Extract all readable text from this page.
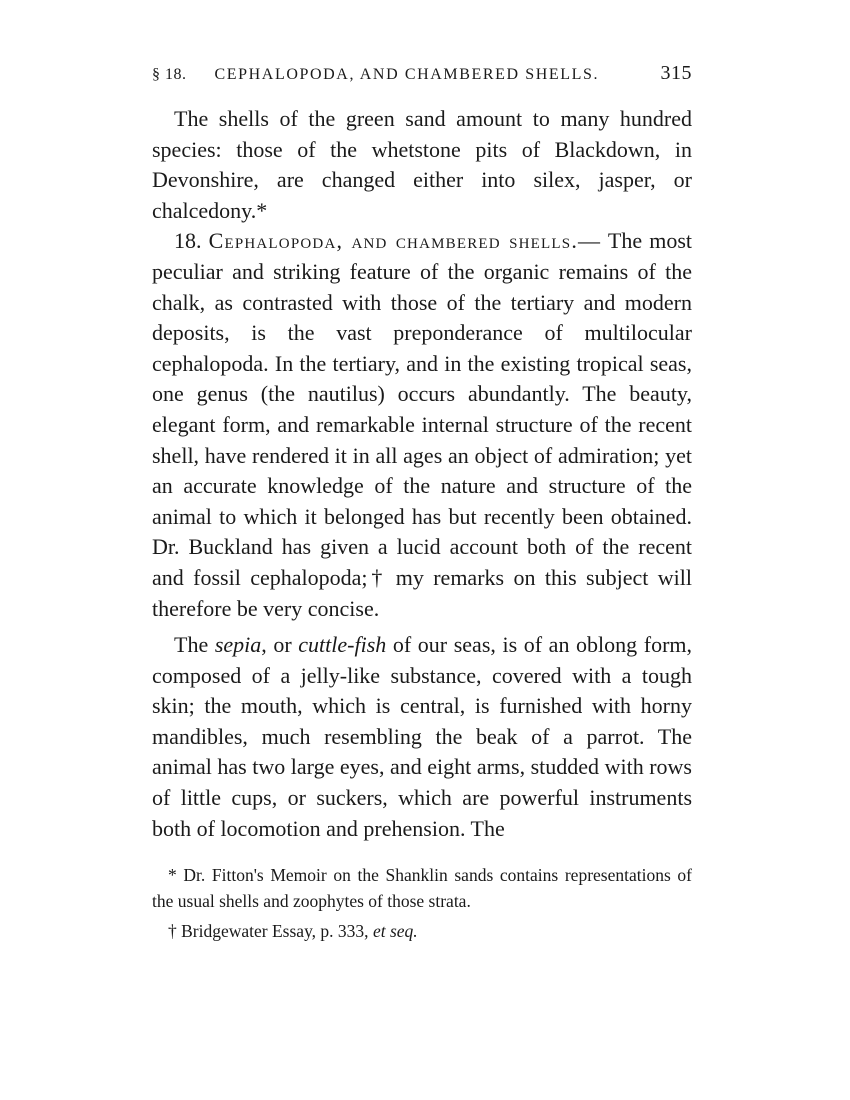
§ 18. CEPHALOPODA, AND CHAMBERED SHELLS.	315

The shells of the green sand amount to many hundred species: those of the whetstone pits of Blackdown, in Devonshire, are changed either into silex, jasper, or chalcedony.*

18. Cephalopoda, and chambered shells.— The most peculiar and striking feature of the organic remains of the chalk, as contrasted with those of the tertiary and modern deposits, is the vast preponderance of multilocular cephalopoda. In the tertiary, and in the existing tropical seas, one genus (the nautilus) occurs abundantly. The beauty, elegant form, and remarkable internal structure of the recent shell, have rendered it in all ages an object of admiration; yet an accurate knowledge of the nature and structure of the animal to which it belonged has but recently been obtained. Dr. Buckland has given a lucid account both of the recent and fossil cephalopoda;† my remarks on this subject will therefore be very concise.

The sepia, or cuttle-fish of our seas, is of an oblong form, composed of a jelly-like substance, covered with a tough skin; the mouth, which is central, is furnished with horny mandibles, much resembling the beak of a parrot. The animal has two large eyes, and eight arms, studded with rows of little cups, or suckers, which are powerful instruments both of locomotion and prehension. The

* Dr. Fitton's Memoir on the Shanklin sands contains representations of the usual shells and zoophytes of those strata.

† Bridgewater Essay, p. 333, et seq.
